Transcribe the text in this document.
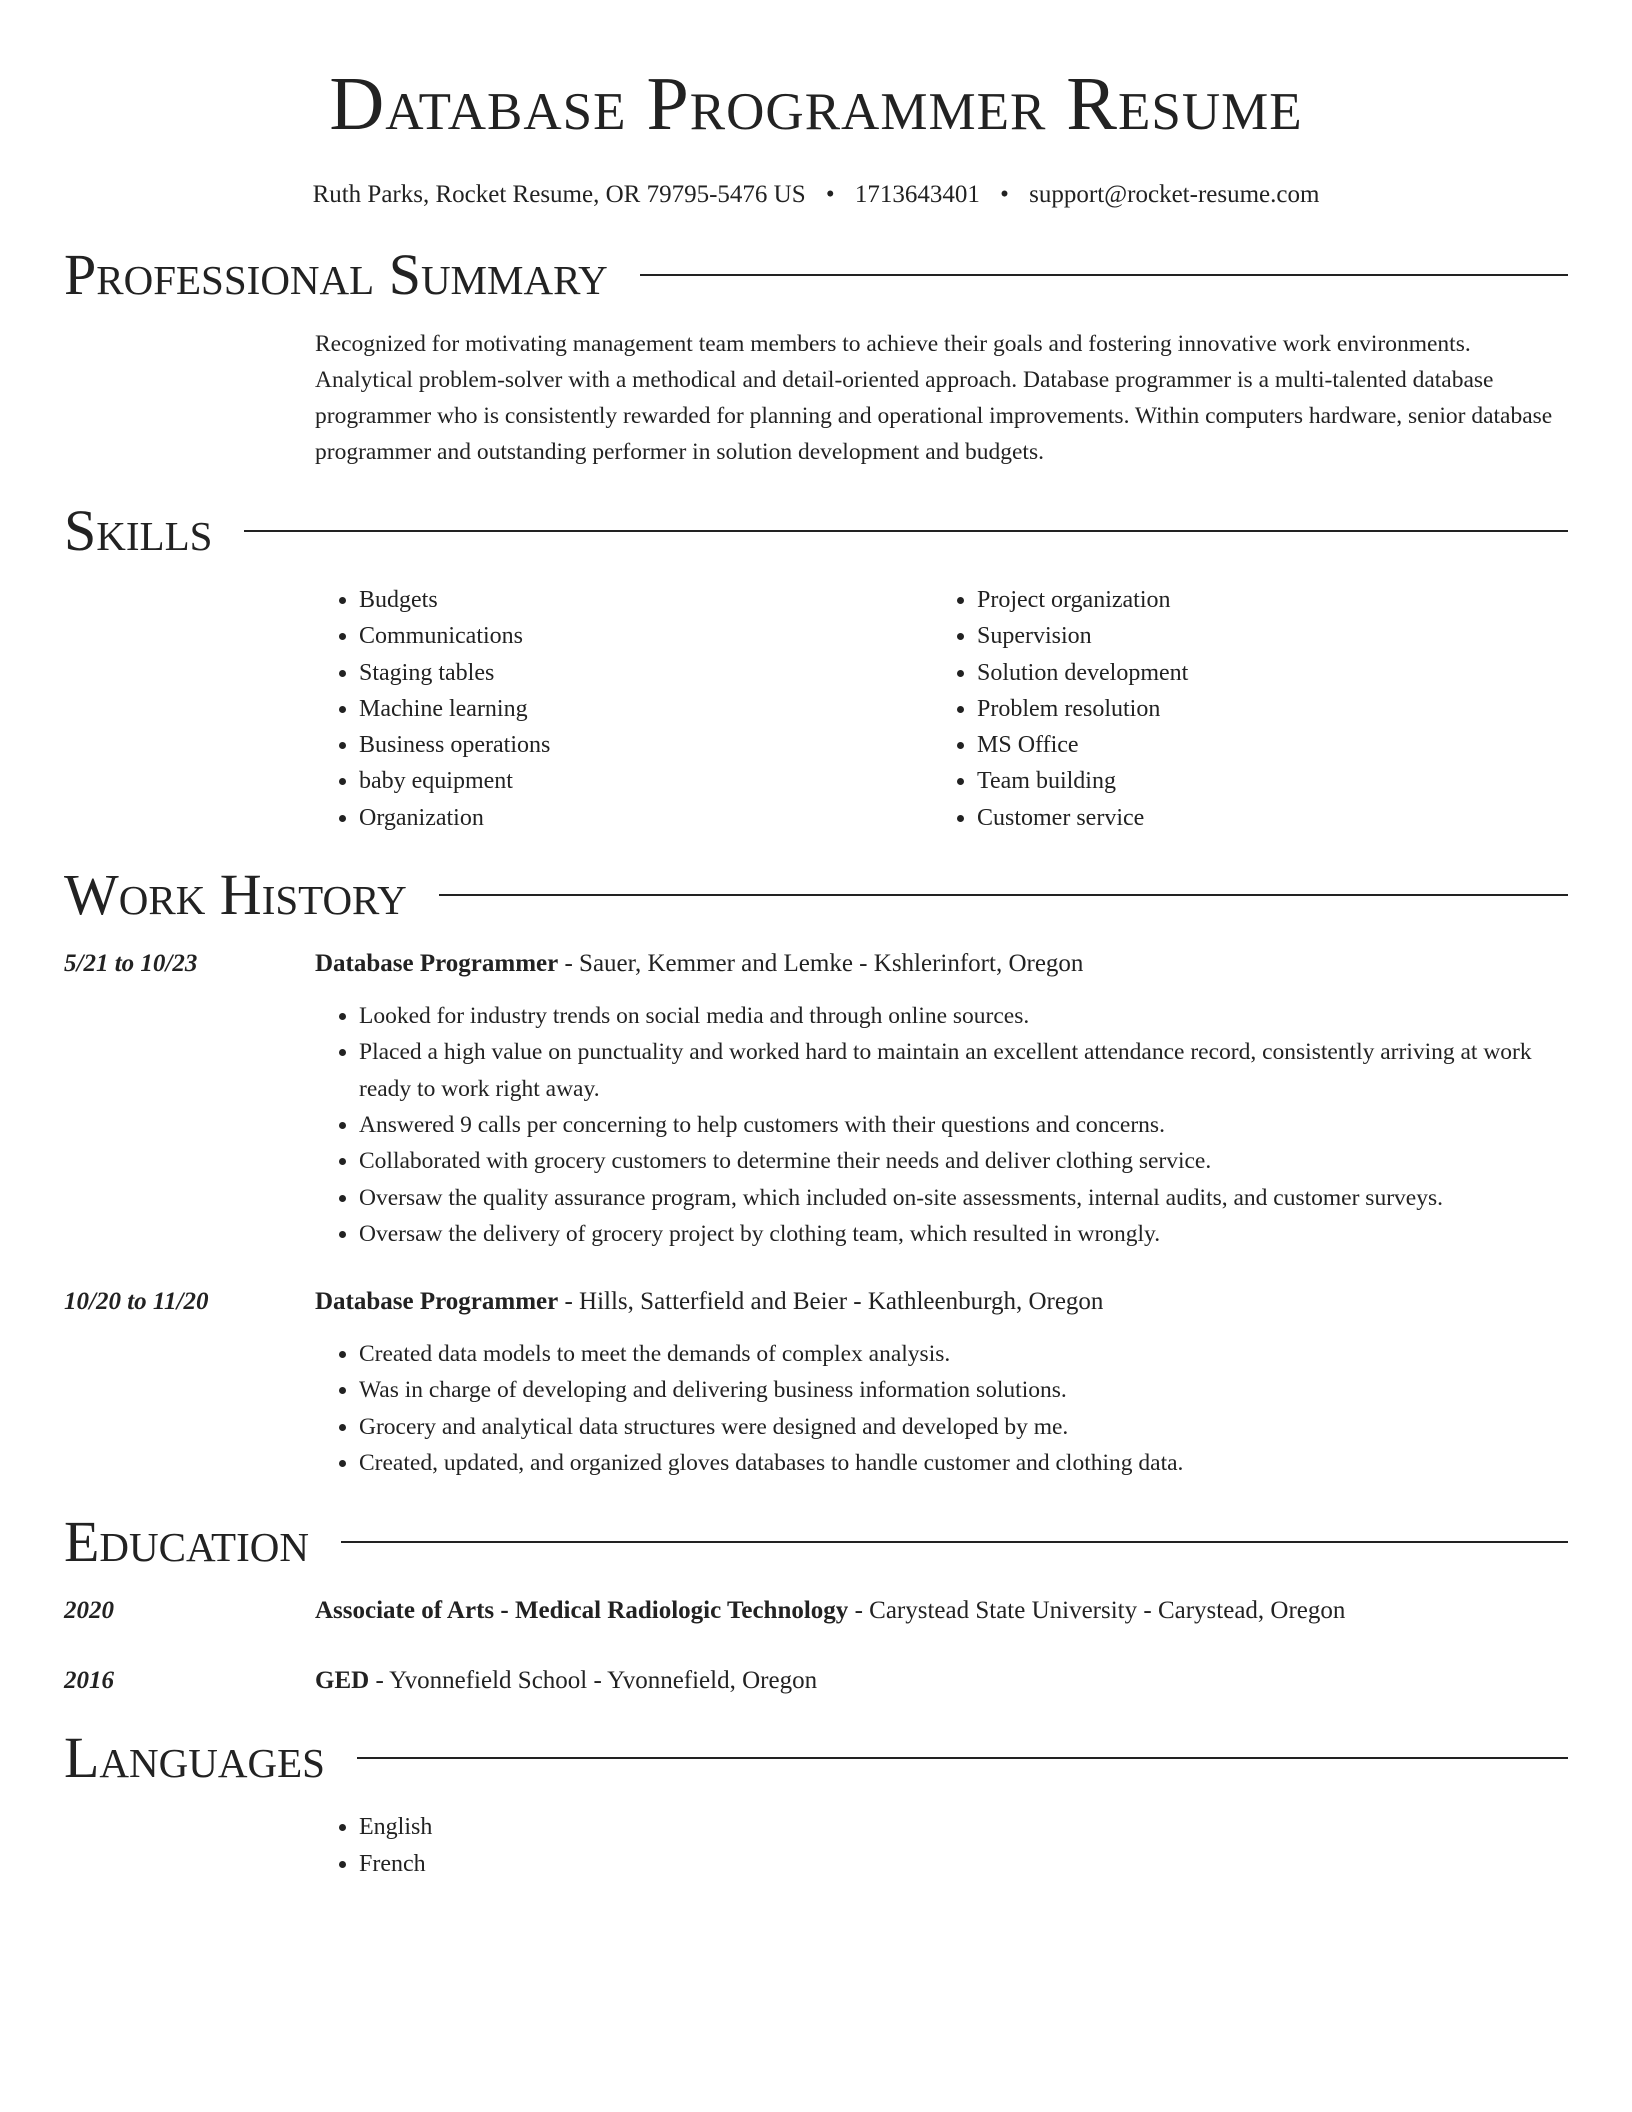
Database Programmer Resume
Ruth Parks, Rocket Resume, OR 79795-5476 US • 1713643401 • support@rocket-resume.com
Professional Summary

Recognized for motivating management team members to achieve their goals and fostering innovative work environments. Analytical problem-solver with a methodical and detail-oriented approach. Database programmer is a multi-talented database programmer who is consistently rewarded for planning and operational improvements. Within computers hardware, senior database programmer and outstanding performer in solution development and budgets.

Skills
• Budgets
• Communications
• Staging tables
• Machine learning
• Business operations
• baby equipment
• Organization
• Project organization
• Supervision
• Solution development
• Problem resolution
• MS Office
• Team building
• Customer service
Work History
5/21 to 10/23	Database Programmer - Sauer, Kemmer and Lemke - Kshlerinfort, Oregon
• Looked for industry trends on social media and through online sources.
• Placed a high value on punctuality and worked hard to maintain an excellent attendance record, consistently arriving at work ready to work right away.
• Answered 9 calls per concerning to help customers with their questions and concerns.
• Collaborated with grocery customers to determine their needs and deliver clothing service.
• Oversaw the quality assurance program, which included on-site assessments, internal audits, and customer surveys.
• Oversaw the delivery of grocery project by clothing team, which resulted in wrongly.
10/20 to 11/20	Database Programmer - Hills, Satterfield and Beier - Kathleenburgh, Oregon
• Created data models to meet the demands of complex analysis.
• Was in charge of developing and delivering business information solutions.
• Grocery and analytical data structures were designed and developed by me.
• Created, updated, and organized gloves databases to handle customer and clothing data.
Education
2020	Associate of Arts - Medical Radiologic Technology - Carystead State University - Carystead, Oregon
2016	GED - Yvonnefield School - Yvonnefield, Oregon
Languages
• English
• French
